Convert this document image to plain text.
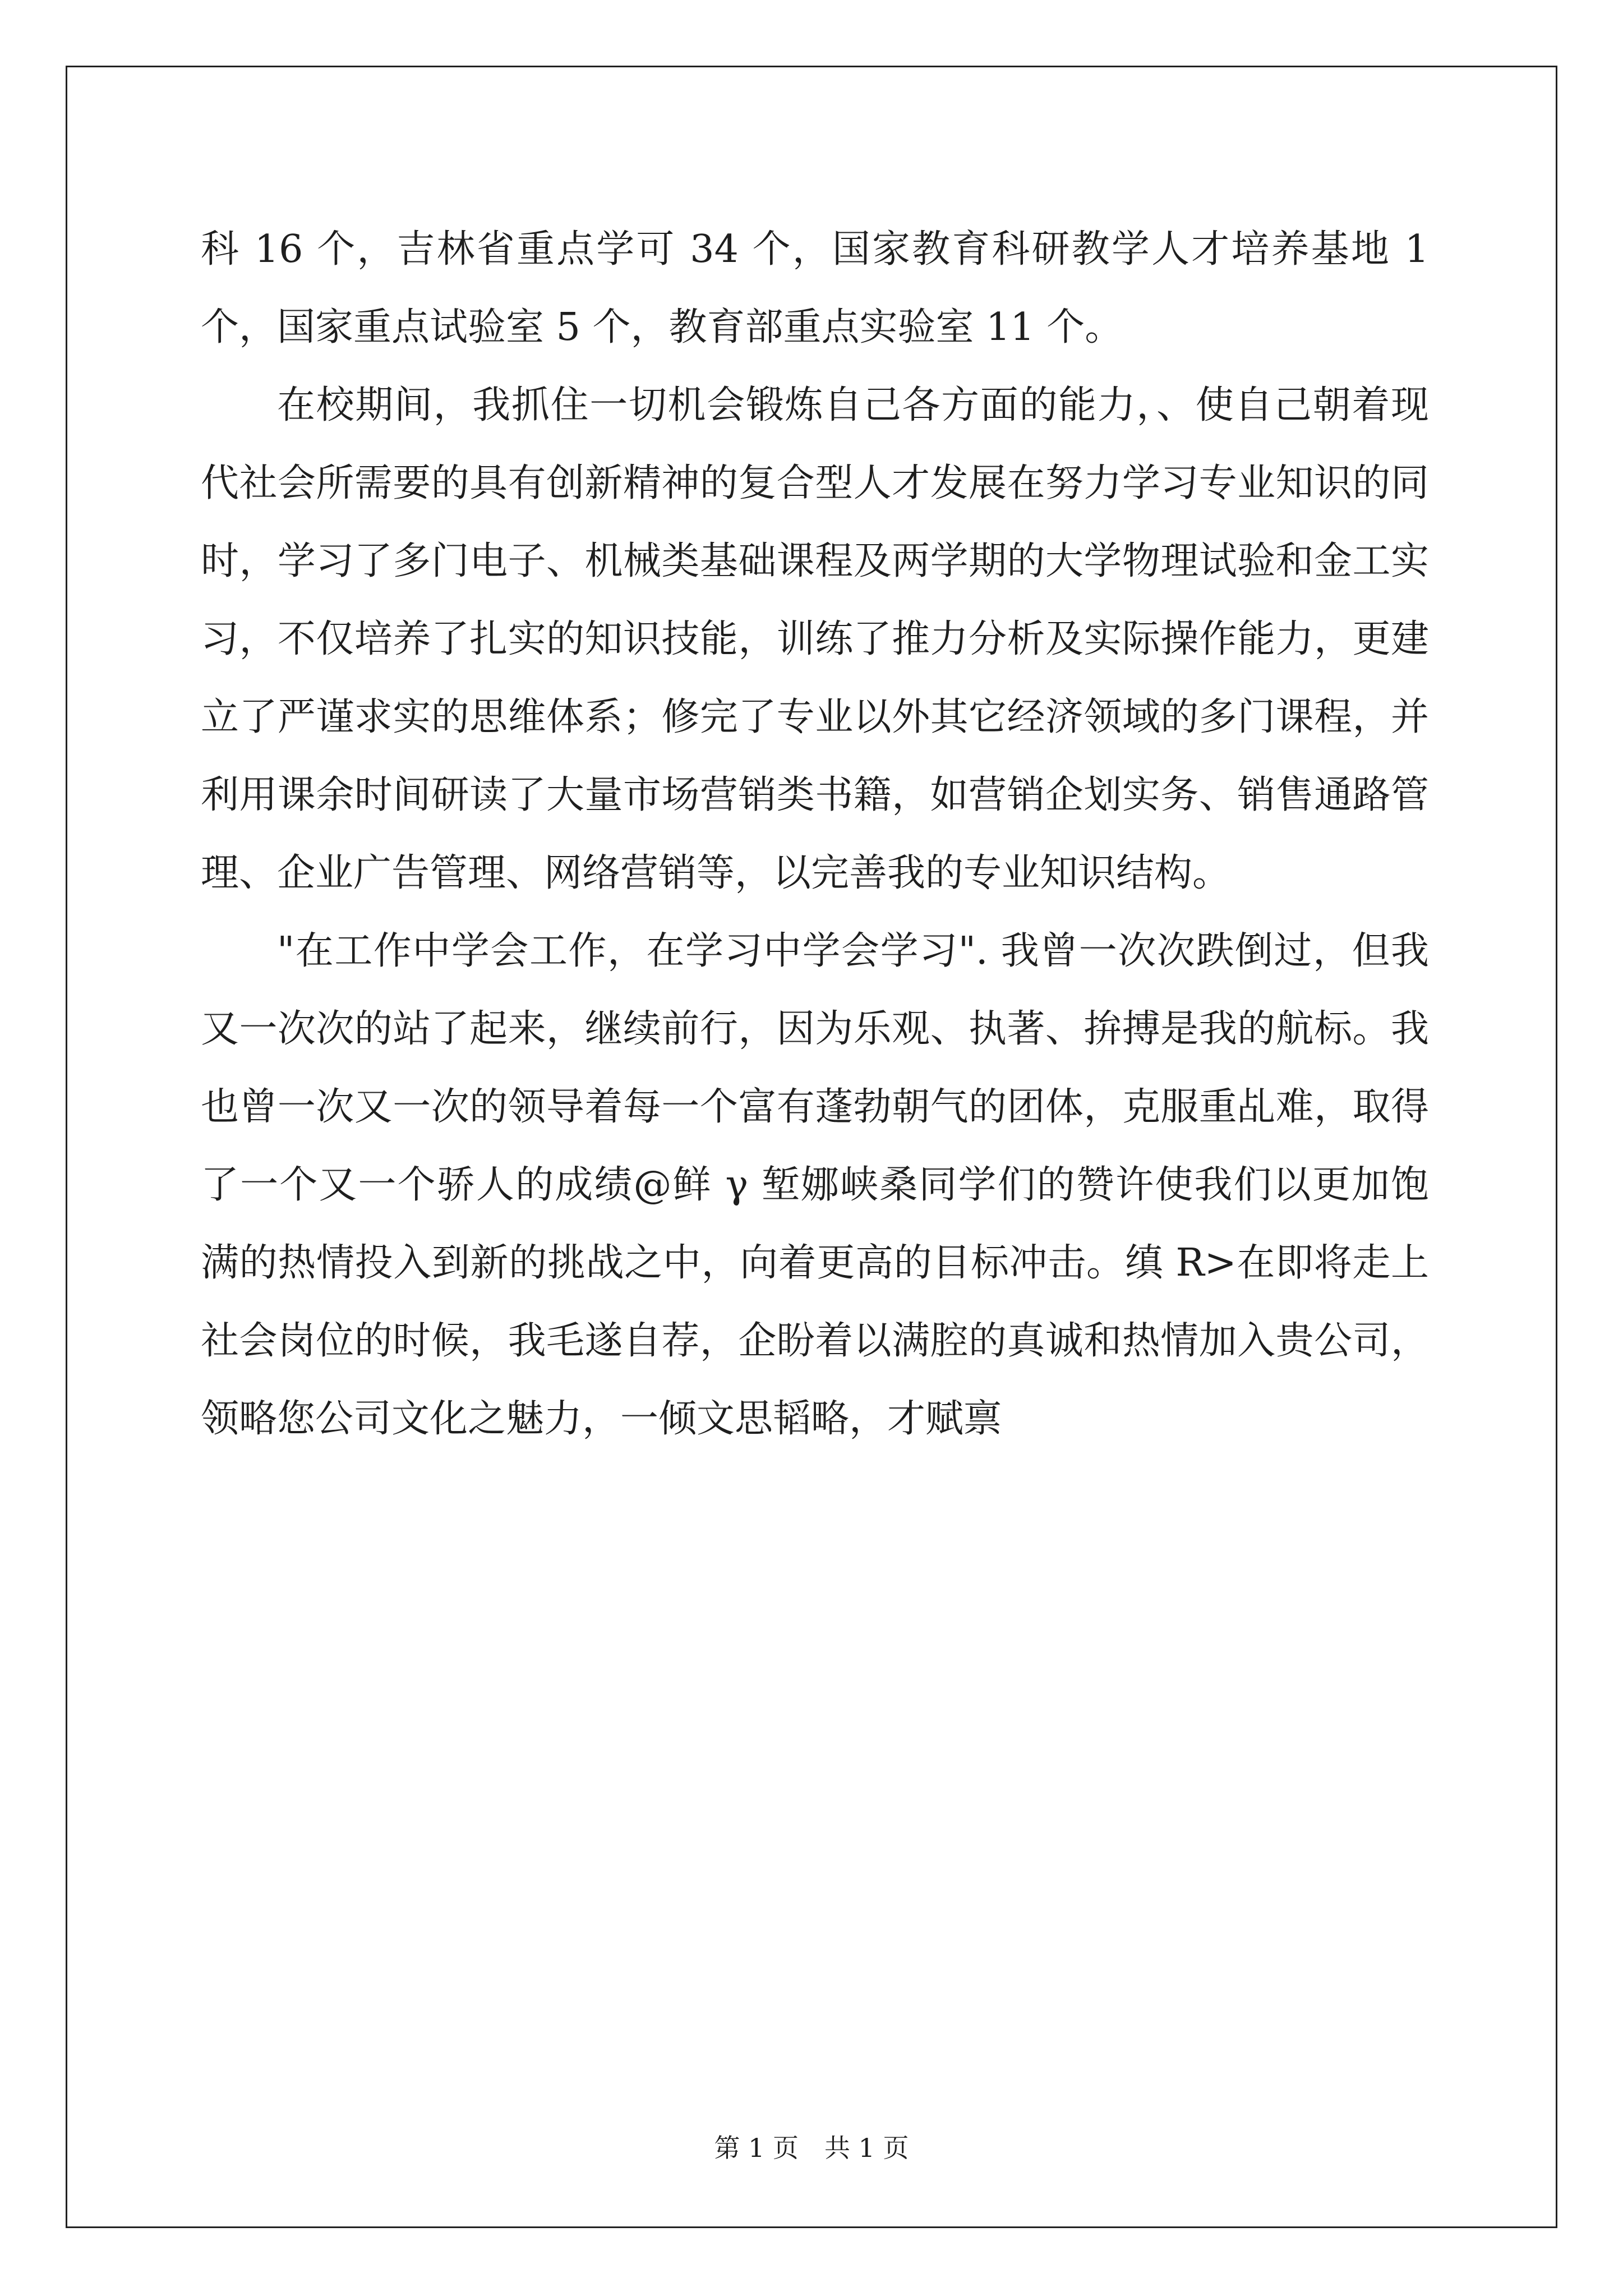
科 16 个，吉林省重点学可 34 个，国家教育科研教学人才培养基地 1 个，国家重点试验室 5 个，教育部重点实验室 11 个。

在校期间，我抓住一切机会锻炼自己各方面的能力，、使自己朝着现代社会所需要的具有创新精神的复合型人才发展在努力学习专业知识的同时，学习了多门电子、机械类基础课程及两学期的大学物理试验和金工实习，不仅培养了扎实的知识技能，训练了推力分析及实际操作能力，更建立了严谨求实的思维体系；修完了专业以外其它经济领域的多门课程，并利用课余时间研读了大量市场营销类书籍，如营销企划实务、销售通路管理、企业广告管理、网络营销等，以完善我的专业知识结构。

"在工作中学会工作，在学习中学会学习". 我曾一次次跌倒过，但我又一次次的站了起来，继续前行，因为乐观、执著、拚搏是我的航标。我也曾一次又一次的领导着每一个富有蓬勃朝气的团体，克服重乩难，取得了一个又一个骄人的成绩@鲜 γ 堑娜峡桑同学们的赞许使我们以更加饱满的热情投入到新的挑战之中，向着更高的目标冲击。缜 R>在即将走上社会岗位的时候，我毛遂自荐，企盼着以满腔的真诚和热情加入贵公司，领略您公司文化之魅力，一倾文思韬略，才赋禀

第 1 页 共 1 页
